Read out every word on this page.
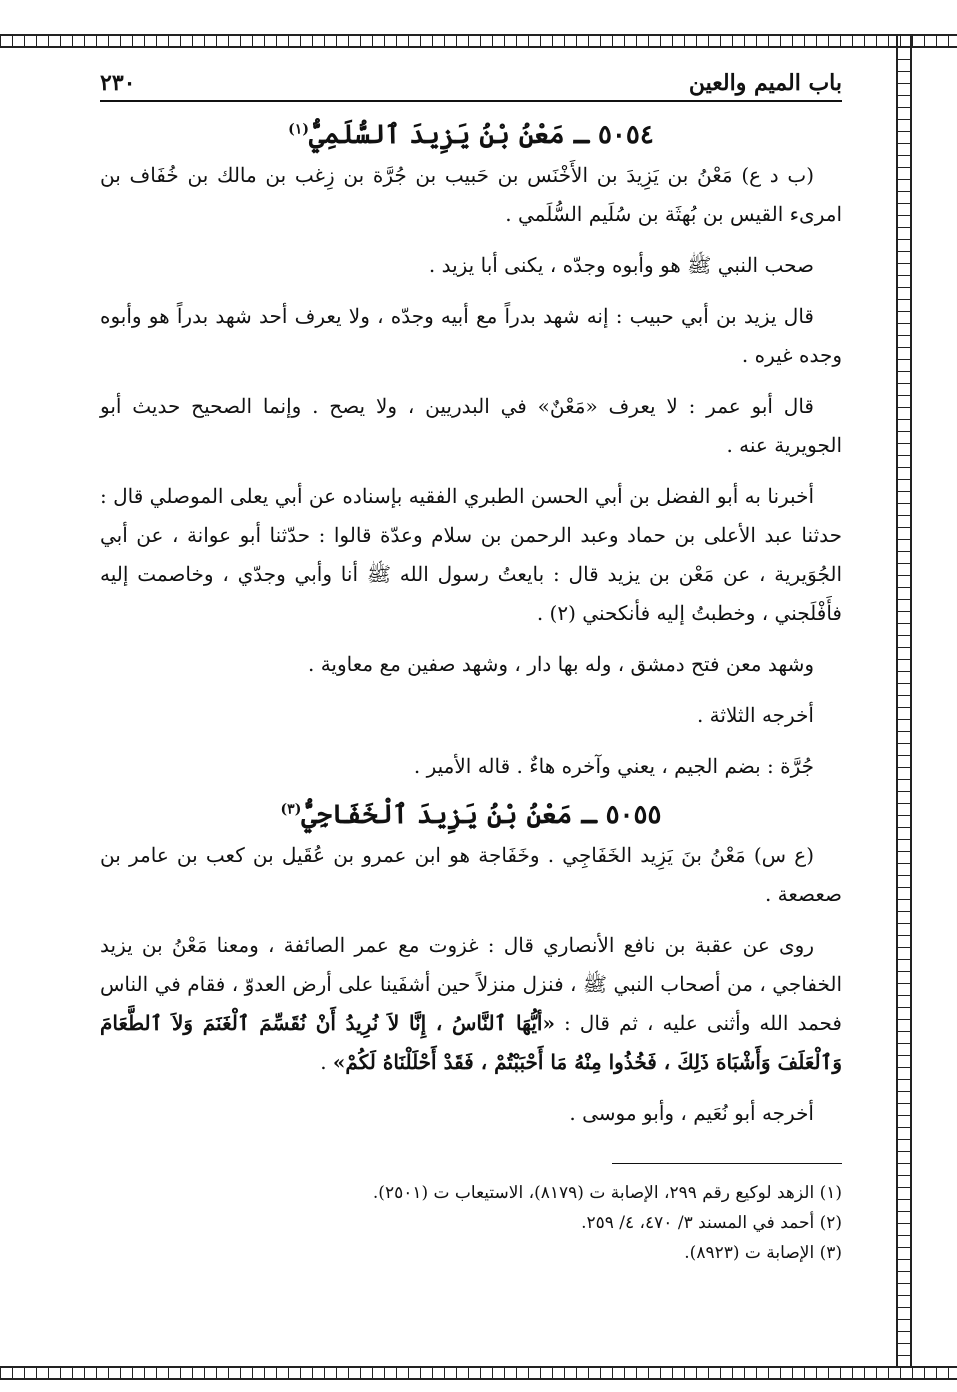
باب الميم والعين
٢٣٠
٥٠٥٤ ـ مَعْنُ بْنُ يَزِيدَ ٱلسُّلَمِيُّ$^{(١)}$

(ب د ع) مَعْنُ بن يَزِيدَ بن الأَخْنَس بن حَبيب بن جُرَّة بن زِغب بن مالك بن خُفَاف بن امرىء القيس بن بُهثَة بن سُلَيم السُّلَمي .

صحب النبي ﷺ هو وأبوه وجدّه ، يكنى أبا يزيد .

قال يزيد بن أبي حبيب : إنه شهد بدراً مع أبيه وجدّه ، ولا يعرف أحد شهد بدراً هو وأبوه وجده غيره .

قال أبو عمر : لا يعرف «مَعْنٌ» في البدريين ، ولا يصح . وإنما الصحيح حديث أبو الجويرية عنه .

أخبرنا به أبو الفضل بن أبي الحسن الطبري الفقيه بإسناده عن أبي يعلى الموصلي قال : حدثنا عبد الأعلى بن حماد وعبد الرحمن بن سلام وعدّة قالوا : حدّثنا أبو عوانة ، عن أبي الجُوَيرية ، عن مَعْن بن يزيد قال : بايعتُ رسول الله ﷺ أنا وأبي وجدّي ، وخاصمت إليه فأَفْلَجني ، وخطبتُ إليه فأنكحني (٢) .

وشهد معن فتح دمشق ، وله بها دار ، وشهد صفين مع معاوية .

أخرجه الثلاثة .

جُرَّة : بضم الجيم ، يعني وآخره هاءٌ . قاله الأمير .

٥٠٥٥ ـ مَعْنُ بْنُ يَزِيدَ ٱلْخَفَاجِيُّ$^{(٣)}$

(ع س) مَعْنُ بنَ يَزِيد الخَفَاجِي . وخَفَاجة هو ابن عمرو بن عُقَيل بن كعب بن عامر بن صعصعة .

روى عن عقبة بن نافع الأنصاري قال : غزوت مع عمر الصائفة ، ومعنا مَعْنُ بن يزيد الخفاجي ، من أصحاب النبي ﷺ ، فنزل منزلاً حين أشفَينا على أرض العدوّ ، فقام في الناس فحمد الله وأثنى عليه ، ثم قال : «أيُّهَا ٱلنَّاسُ ، إِنَّا لاَ نُرِيدُ أَنْ نُقَسِّمَ ٱلْغَنَمَ وَلاَ ٱلطَّعَامَ وَٱلْعَلَفَ وَأَشْبَاهَ ذَلِكَ ، فَخُذُوا مِنْهُ مَا أَحْبَبْتُمْ ، فَقَدْ أَحْلَلْنَاهُ لَكُمْ» .

أخرجه أبو نُعَيم ، وأبو موسى .

(١) الزهد لوكيع رقم ٢٩٩، الإصابة ت (٨١٧٩)، الاستيعاب ت (٢٥٠١).
(٢) أحمد في المسند ٣/ ٤٧٠، ٤/ ٢٥٩.
(٣) الإصابة ت (٨٩٢٣).
